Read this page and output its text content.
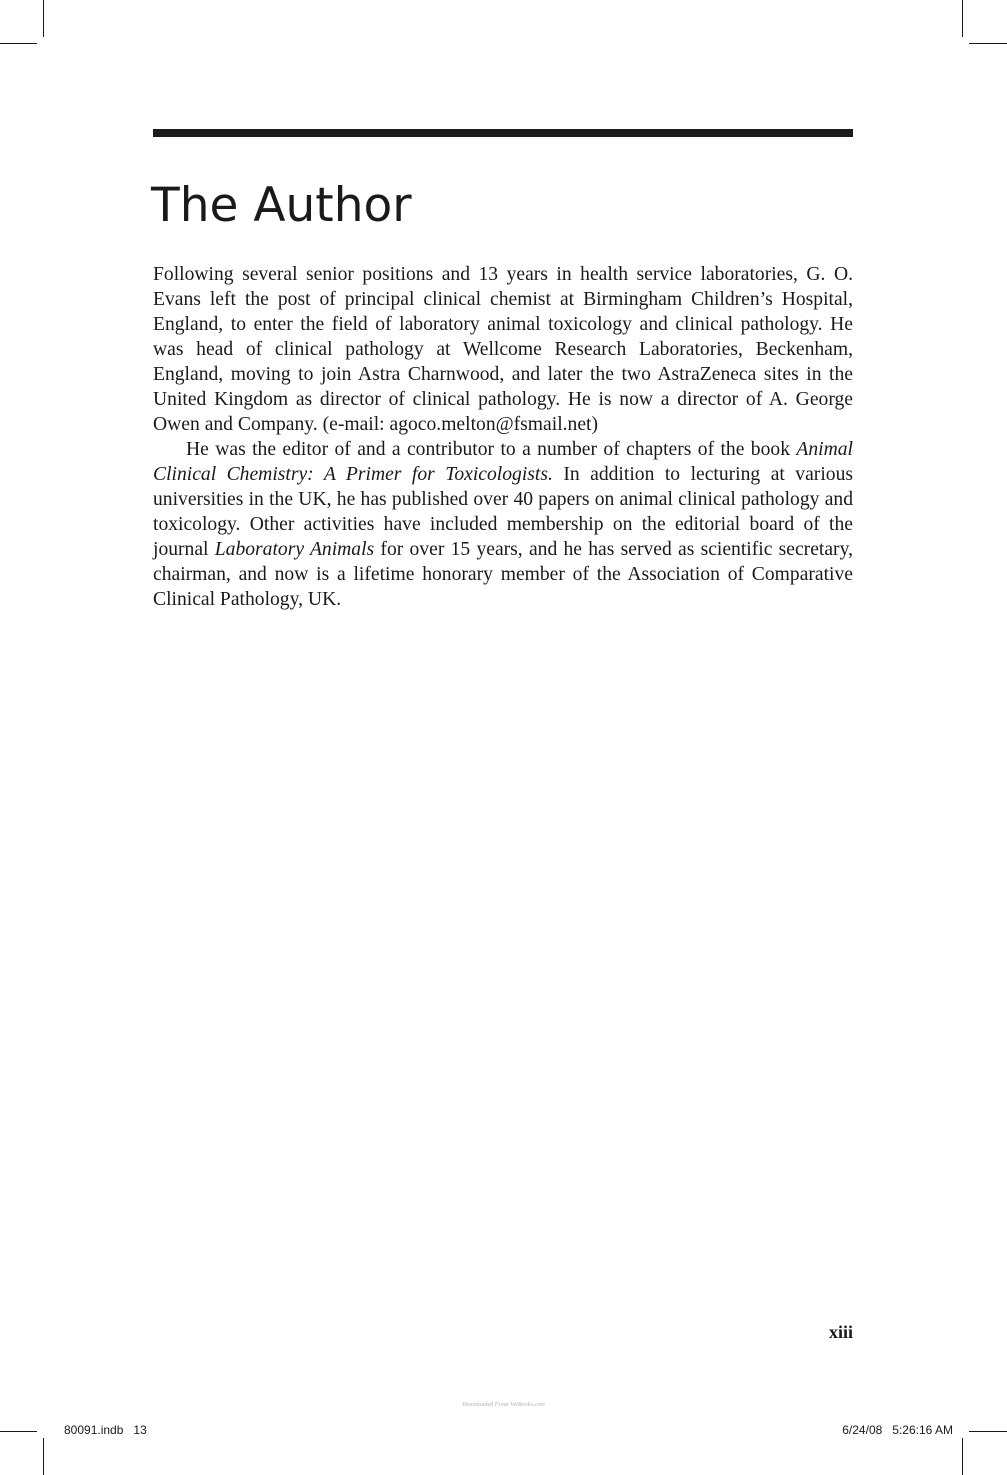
The Author

Following several senior positions and 13 years in health service laboratories, G. O. Evans left the post of principal clinical chemist at Birmingham Children’s Hospital, England, to enter the field of laboratory animal toxicology and clinical pathology. He was head of clinical pathology at Wellcome Research Laboratories, Beckenham, England, moving to join Astra Charnwood, and later the two AstraZeneca sites in the United Kingdom as director of clinical pathology. He is now a director of A. George Owen and Company. (e-mail: agoco.melton@fsmail.net)

He was the editor of and a contributor to a number of chapters of the book Animal Clinical Chemistry: A Primer for Toxicologists. In addition to lecturing at various universities in the UK, he has published over 40 papers on animal clinical pathology and toxicology. Other activities have included membership on the editorial board of the journal Laboratory Animals for over 15 years, and he has served as scientific secretary, chairman, and now is a lifetime honorary member of the Association of Comparative Clinical Pathology, UK.

xiii
Downloaded From VetBooks.com
80091.indb   13	6/24/08   5:26:16 AM
